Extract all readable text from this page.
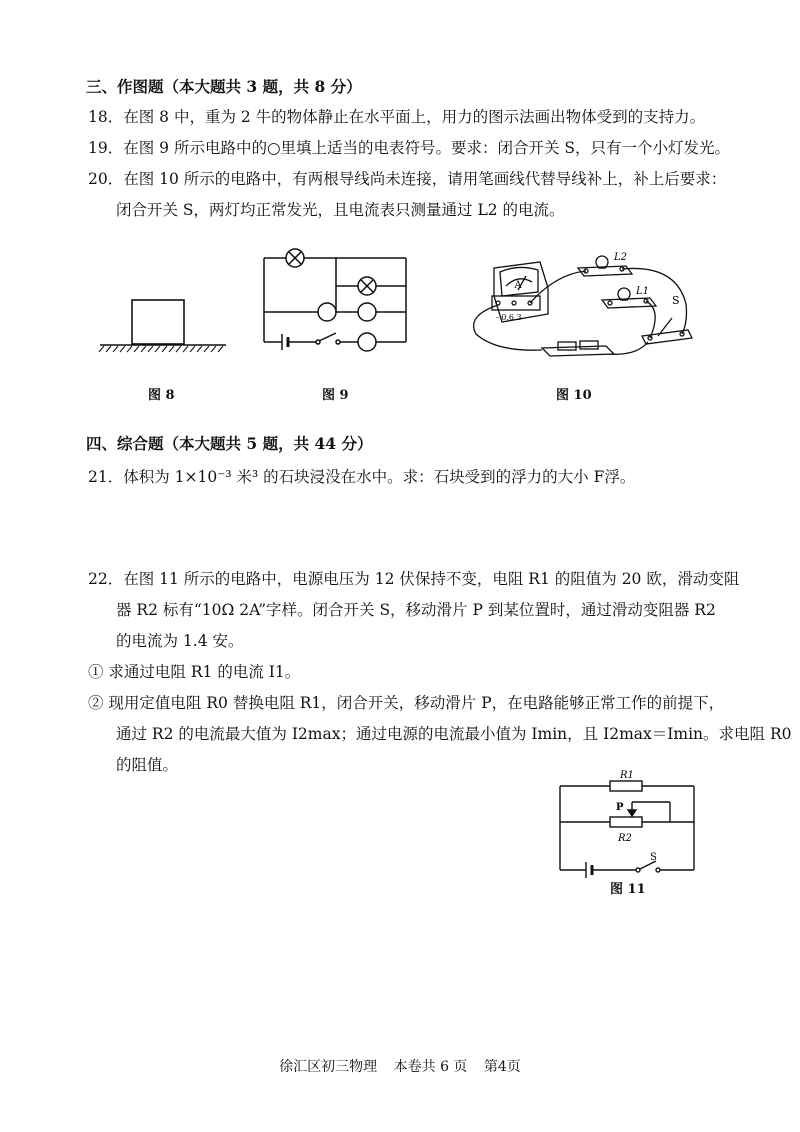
三、作图题（本大题共 3 题，共 8 分）
18．在图 8 中，重为 2 牛的物体静止在水平面上，用力的图示法画出物体受到的支持力。
19．在图 9 所示电路中的○里填上适当的电表符号。要求：闭合开关 S，只有一个小灯发光。
20．在图 10 所示的电路中，有两根导线尚未连接，请用笔画线代替导线补上，补上后要求：
闭合开关 S，两灯均正常发光，且电流表只测量通过 L2 的电流。
图 8	图 9
A
- 0.6 3
L2
L1
S
图 10
四、综合题（本大题共 5 题，共 44 分）
21．体积为 1×10⁻³ 米³ 的石块浸没在水中。求：石块受到的浮力的大小 F浮。
22．在图 11 所示的电路中，电源电压为 12 伏保持不变，电阻 R1 的阻值为 20 欧，滑动变阻
器 R2 标有“10Ω 2A”字样。闭合开关 S，移动滑片 P 到某位置时，通过滑动变阻器 R2
的电流为 1.4 安。
① 求通过电阻 R1 的电流 I1。
② 现用定值电阻 R0 替换电阻 R1，闭合开关，移动滑片 P，在电路能够正常工作的前提下，
通过 R2 的电流最大值为 I2max；通过电源的电流最小值为 Imin，且 I2max＝Imin。求电阻 R0
的阻值。
R1
P
R2
S
图 11
徐汇区初三物理 本卷共 6 页 第4页
